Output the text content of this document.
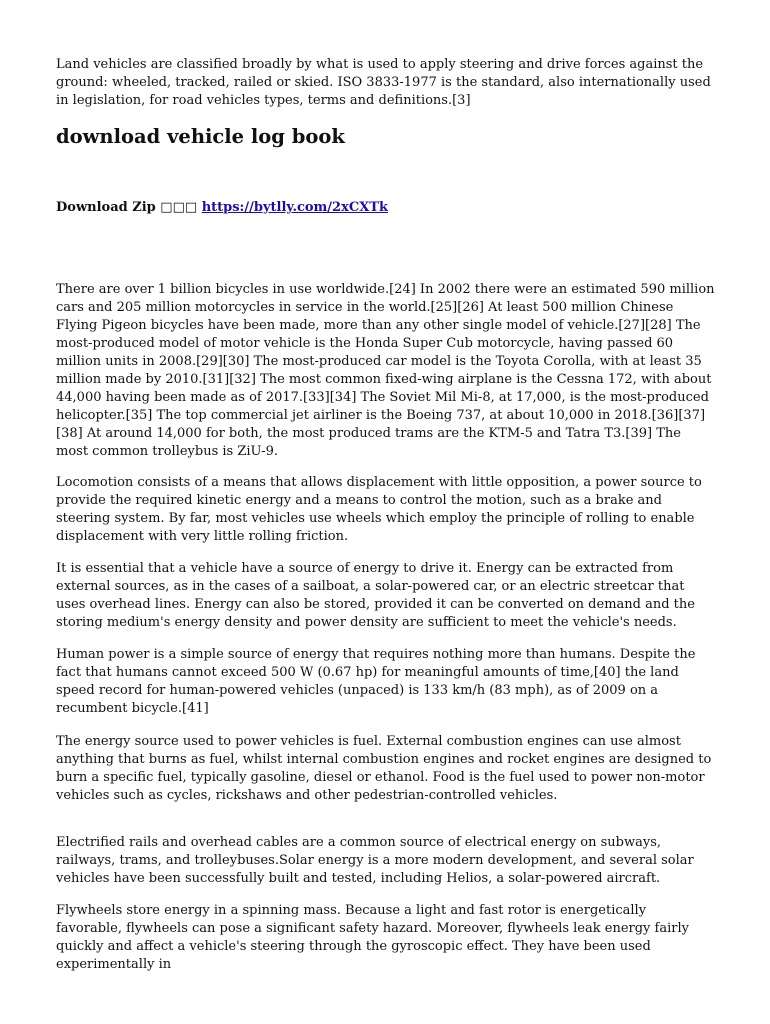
Land vehicles are classified broadly by what is used to apply steering and drive forces against the ground: wheeled, tracked, railed or skied. ISO 3833-1977 is the standard, also internationally used in legislation, for road vehicles types, terms and definitions.[3]

download vehicle log book
Download Zip □□□ https://bytlly.com/2xCXTk

There are over 1 billion bicycles in use worldwide.[24] In 2002 there were an estimated 590 million cars and 205 million motorcycles in service in the world.[25][26] At least 500 million Chinese Flying Pigeon bicycles have been made, more than any other single model of vehicle.[27][28] The most-produced model of motor vehicle is the Honda Super Cub motorcycle, having passed 60 million units in 2008.[29][30] The most-produced car model is the Toyota Corolla, with at least 35 million made by 2010.[31][32] The most common fixed-wing airplane is the Cessna 172, with about 44,000 having been made as of 2017.[33][34] The Soviet Mil Mi-8, at 17,000, is the most-produced helicopter.[35] The top commercial jet airliner is the Boeing 737, at about 10,000 in 2018.[36][37][38] At around 14,000 for both, the most produced trams are the KTM-5 and Tatra T3.[39] The most common trolleybus is ZiU-9.

Locomotion consists of a means that allows displacement with little opposition, a power source to provide the required kinetic energy and a means to control the motion, such as a brake and steering system. By far, most vehicles use wheels which employ the principle of rolling to enable displacement with very little rolling friction.

It is essential that a vehicle have a source of energy to drive it. Energy can be extracted from external sources, as in the cases of a sailboat, a solar-powered car, or an electric streetcar that uses overhead lines. Energy can also be stored, provided it can be converted on demand and the storing medium's energy density and power density are sufficient to meet the vehicle's needs.

Human power is a simple source of energy that requires nothing more than humans. Despite the fact that humans cannot exceed 500 W (0.67 hp) for meaningful amounts of time,[40] the land speed record for human-powered vehicles (unpaced) is 133 km/h (83 mph), as of 2009 on a recumbent bicycle.[41]

The energy source used to power vehicles is fuel. External combustion engines can use almost anything that burns as fuel, whilst internal combustion engines and rocket engines are designed to burn a specific fuel, typically gasoline, diesel or ethanol. Food is the fuel used to power non-motor vehicles such as cycles, rickshaws and other pedestrian-controlled vehicles.

Electrified rails and overhead cables are a common source of electrical energy on subways, railways, trams, and trolleybuses.Solar energy is a more modern development, and several solar vehicles have been successfully built and tested, including Helios, a solar-powered aircraft.

Flywheels store energy in a spinning mass. Because a light and fast rotor is energetically favorable, flywheels can pose a significant safety hazard. Moreover, flywheels leak energy fairly quickly and affect a vehicle's steering through the gyroscopic effect. They have been used experimentally in
